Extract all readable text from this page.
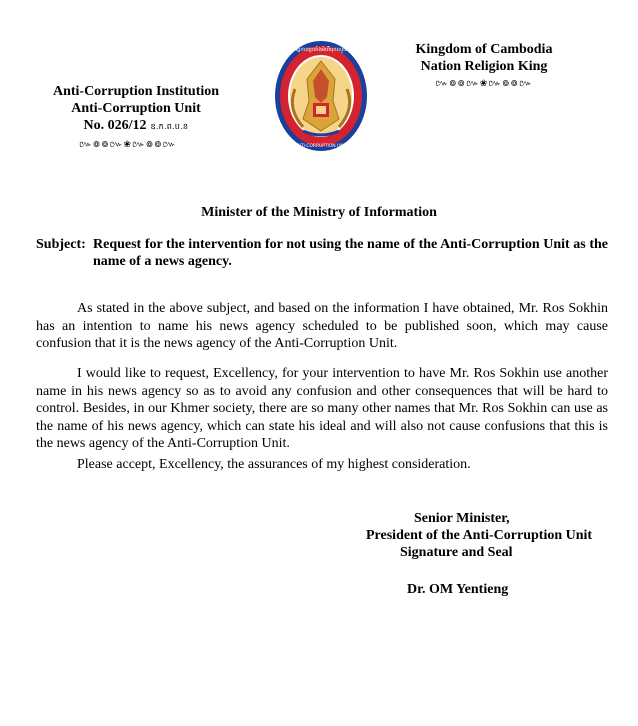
Anti-Corruption Institution
Anti-Corruption Unit
No. 026/12 ឧ.ក.ព.ប.ន
៚៙៙៚❀៚៙៙៚
អង្គភាពប្រឆាំងអំពើពុករលួយ
ANTI-CORRUPTION UNIT
Kingdom of Cambodia
Nation Religion King
៚៙៙៚❀៚៙៙៚
Minister of the Ministry of Information
Subject: Request for the intervention for not using the name of the Anti-Corruption Unit as the name of a news agency.
As stated in the above subject, and based on the information I have obtained, Mr. Ros Sokhin has an intention to name his news agency scheduled to be published soon, which may cause confusion that it is the news agency of the Anti-Corruption Unit.
I would like to request, Excellency, for your intervention to have Mr. Ros Sokhin use another name in his news agency so as to avoid any confusion and other consequences that will be hard to control. Besides, in our Khmer society, there are so many other names that Mr. Ros Sokhin can use as the name of his news agency, which can state his ideal and will also not cause confusions that this is the news agency of the Anti-Corruption Unit.
Please accept, Excellency, the assurances of my highest consideration.
Senior Minister,
President of the Anti-Corruption Unit
Signature and Seal
Dr. OM Yentieng
